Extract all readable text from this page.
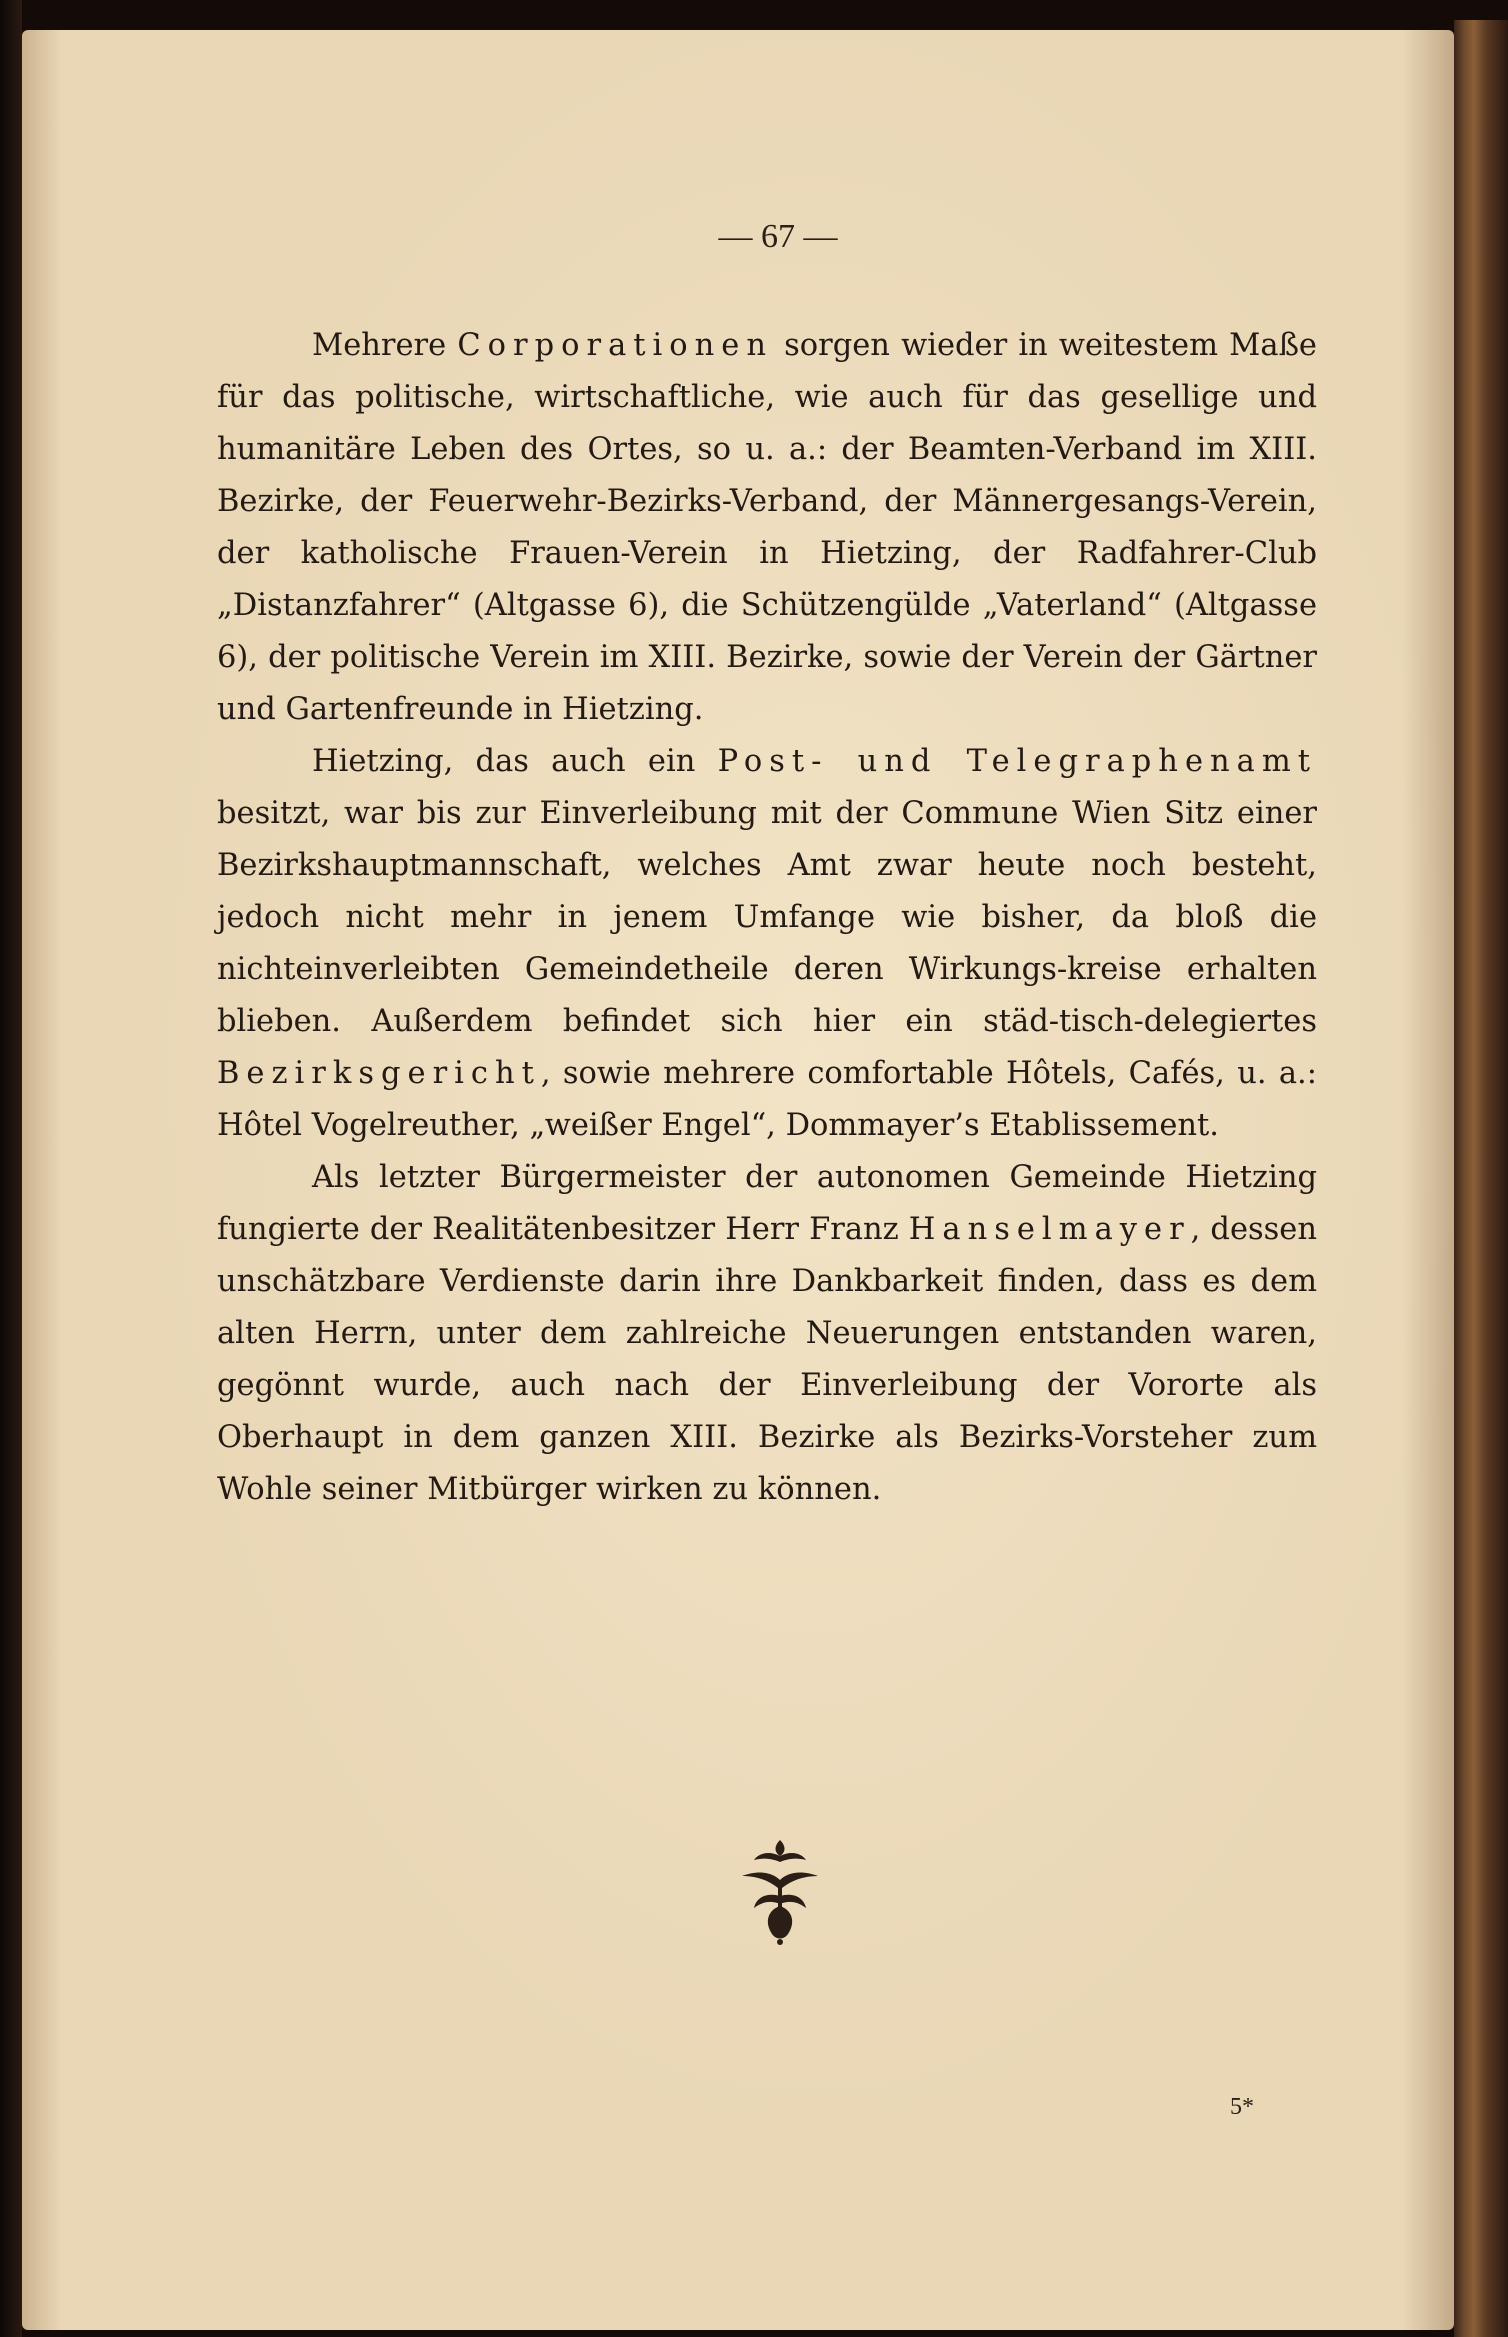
— 67 —

Mehrere Corporationen sorgen wieder in weitestem Maße für das politische, wirtschaftliche, wie auch für das gesellige und humanitäre Leben des Ortes, so u. a.: der Beamten-Verband im XIII. Bezirke, der Feuerwehr-Bezirks-Verband, der Männergesangs-Verein, der katholische Frauen-Verein in Hietzing, der Radfahrer-Club „Distanzfahrer“ (Altgasse 6), die Schützengülde „Vaterland“ (Altgasse 6), der politische Verein im XIII. Bezirke, sowie der Verein der Gärtner und Gartenfreunde in Hietzing.

Hietzing, das auch ein Post- und Telegraphenamt besitzt, war bis zur Einverleibung mit der Commune Wien Sitz einer Bezirkshauptmannschaft, welches Amt zwar heute noch besteht, jedoch nicht mehr in jenem Umfange wie bisher, da bloß die nichteinverleibten Gemeindetheile deren Wirkungs-kreise erhalten blieben. Außerdem befindet sich hier ein städ-tisch-delegiertes Bezirksgericht, sowie mehrere comfortable Hôtels, Cafés, u. a.: Hôtel Vogelreuther, „weißer Engel“, Dommayer’s Etablissement.

Als letzter Bürgermeister der autonomen Gemeinde Hietzing fungierte der Realitätenbesitzer Herr Franz Hanselmayer, dessen unschätzbare Verdienste darin ihre Dankbarkeit finden, dass es dem alten Herrn, unter dem zahlreiche Neuerungen entstanden waren, gegönnt wurde, auch nach der Einverleibung der Vororte als Oberhaupt in dem ganzen XIII. Bezirke als Bezirks-Vorsteher zum Wohle seiner Mitbürger wirken zu können.

5*
